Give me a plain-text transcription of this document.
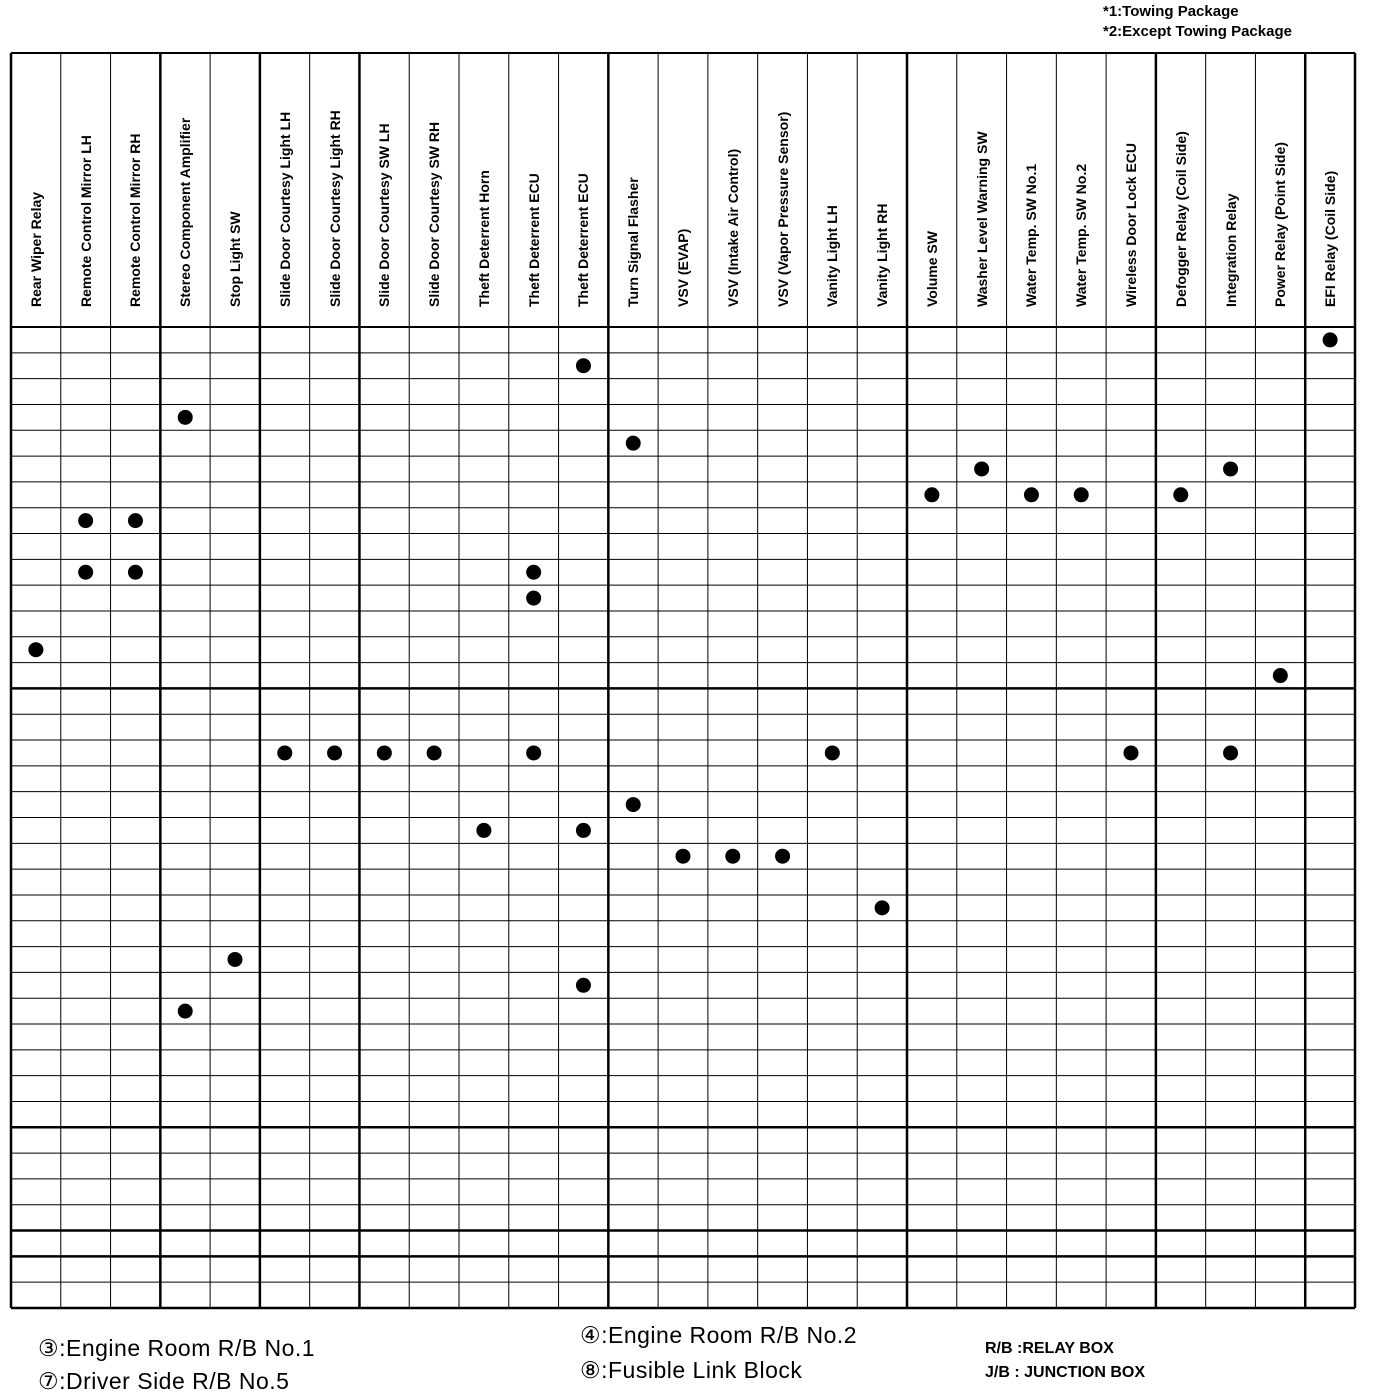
*1:Towing Package
*2:Except Towing Package
Rear Wiper Relay Remote Control Mirror LH Remote Control Mirror RH Stereo Component Amplifier Stop Light SW Slide Door Courtesy Light LH Slide Door Courtesy Light RH Slide Door Courtesy SW LH Slide Door Courtesy SW RH Theft Deterrent Horn Theft Deterrent ECU Theft Deterrent ECU Turn Signal Flasher VSV (EVAP) VSV (Intake Air Control) VSV (Vapor Pressure Sensor) Vanity Light LH Vanity Light RH Volume SW Washer Level Warning SW Water Temp. SW No.1 Water Temp. SW No.2 Wireless Door Lock ECU Defogger Relay (Coil Side) Integration Relay Power Relay (Point Side) EFI Relay (Coil Side)
③:Engine Room R/B No.1
⑦:Driver Side R/B No.5
④:Engine Room R/B No.2
⑧:Fusible Link Block
R/B :RELAY BOX
J/B : JUNCTION BOX
